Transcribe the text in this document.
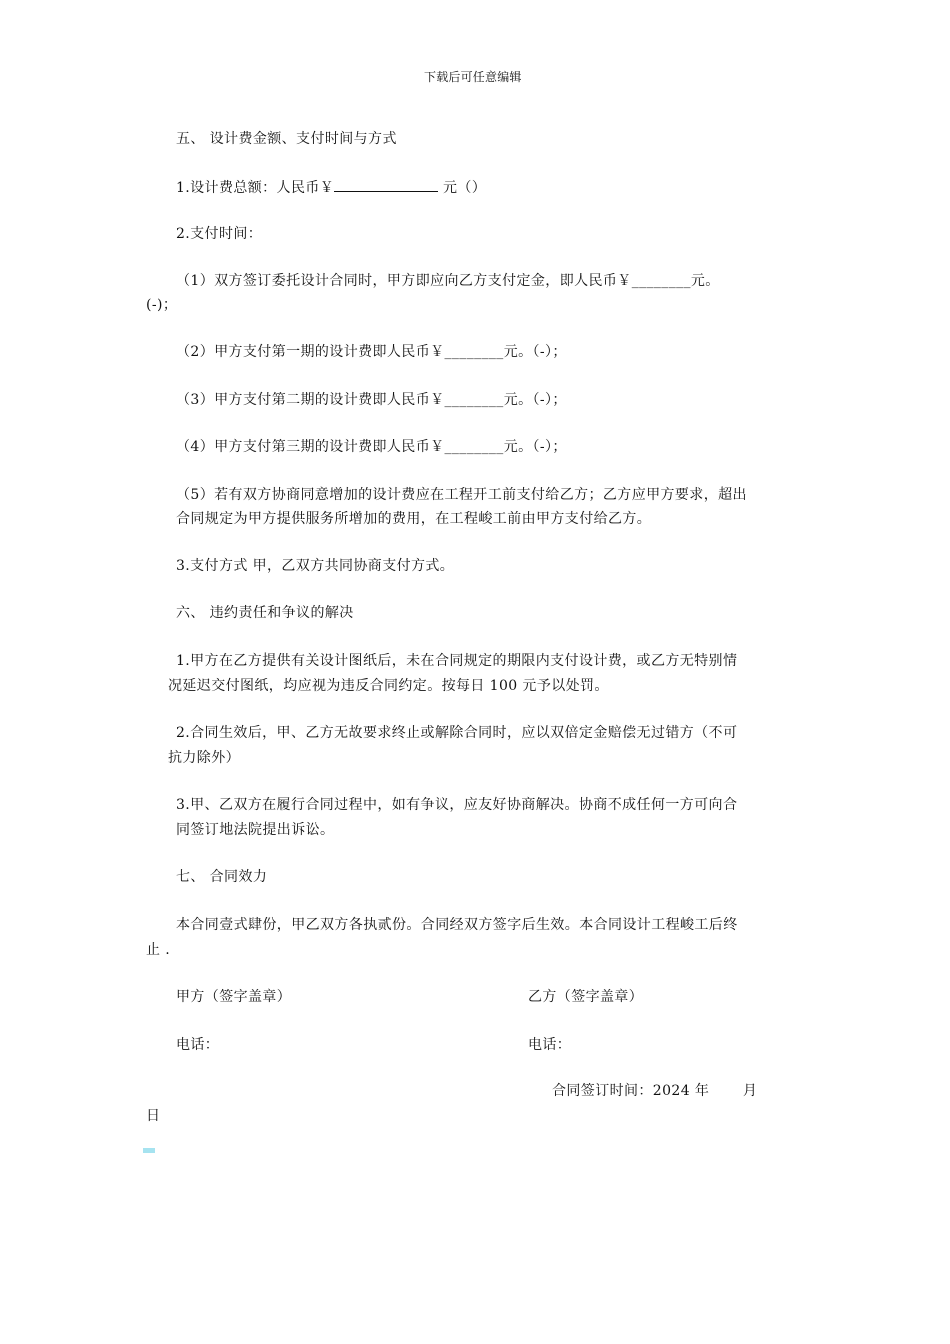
下载后可任意编辑
五、 设计费金额、支付时间与方式
1.设计费总额：人民币￥	元（）
2.支付时间：
（1）双方签订委托设计合同时，甲方即应向乙方支付定金，即人民币￥________元。
(-)；
（2）甲方支付第一期的设计费即人民币￥________元。（-）；
（3）甲方支付第二期的设计费即人民币￥________元。（-）；
（4）甲方支付第三期的设计费即人民币￥________元。（-）；
（5）若有双方协商同意增加的设计费应在工程开工前支付给乙方；乙方应甲方要求，超出
合同规定为甲方提供服务所增加的费用，在工程峻工前由甲方支付给乙方。
3.支付方式 甲，乙双方共同协商支付方式。
六、 违约责任和争议的解决
1.甲方在乙方提供有关设计图纸后，未在合同规定的期限内支付设计费，或乙方无特别情
况延迟交付图纸，均应视为违反合同约定。按每日 100 元予以处罚。
2.合同生效后，甲、乙方无故要求终止或解除合同时，应以双倍定金赔偿无过错方（不可
抗力除外）
3.甲、乙双方在履行合同过程中，如有争议，应友好协商解决。协商不成任何一方可向合
同签订地法院提出诉讼。
七、 合同效力
本合同壹式肆份，甲乙双方各执贰份。合同经双方签字后生效。本合同设计工程峻工后终
止 .
甲方（签字盖章）	乙方（签字盖章）
电话：	电话：
合同签订时间：2024 年　　 月
日
